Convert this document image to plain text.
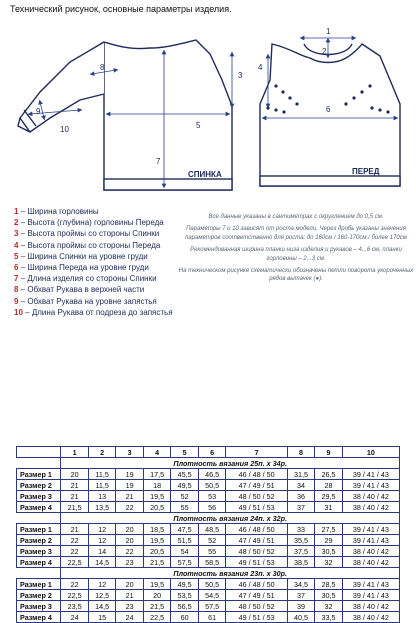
Технический рисунок, основные параметры изделия.
3
5
7
8
9
10
СПИНКА
1
2
4
6
ПЕРЕД
1 – Ширина горловины
2 – Высота (глубина) горловины Переда
3 – Высота проймы со стороны Спинки
4 – Высота проймы со стороны Переда
5 – Ширина Спинки на уровне груди
6 – Ширина Переда на уровне груди
7 – Длина изделия со стороны Спинки
8 – Обхват Рукава в верхней части
9 – Обхват Рукава на уровне запястья
10 – Длина Рукава от подреза до запястья

Все данные указаны в сантиметрах с округлением до 0,5 см.

Параметры 7 и 10 зависят от роста модели. Через дробь указаны значения параметров соответственно для роста: до 160см / 160-170см / более 170см

Рекомендованная ширина планки низа изделия и рукавов – 4...6 см, планки горловины – 2...3 см.

На техническом рисунке схематически обозначены петли поворота укороченных рядов вытачек (●).

	1	2	3	4	5	6	7	8	9	10
	Плотность вязания 25п. х 34р.									
Размер 1	20	11,5	19	17,5	45,5	46,5	46 / 48 / 50	31,5	26,5	39 / 41 / 43
Размер 2	21	11,5	19	18	49,5	50,5	47 / 49 / 51	34	28	39 / 41 / 43
Размер 3	21	13	21	19,5	52	53	48 / 50 / 52	36	29,5	38 / 40 / 42
Размер 4	21,5	13,5	22	20,5	55	56	49 / 51 / 53	37	31	38 / 40 / 42
	Плотность вязания 24п. х 32р.									
Размер 1	21	12	20	18,5	47,5	48,5	46 / 48 / 50	33	27,5	39 / 41 / 43
Размер 2	22	12	20	19,5	51,5	52	47 / 49 / 51	35,5	29	39 / 41 / 43
Размер 3	22	14	22	20,5	54	55	48 / 50 / 52	37,5	30,5	38 / 40 / 42
Размер 4	22,5	14,5	23	21,5	57,5	58,5	49 / 51 / 53	38,5	32	38 / 40 / 42
	Плотность вязания 23п. х 30р.									
Размер 1	22	12	20	19,5	49,5	50,5	46 / 48 / 50	34,5	28,5	39 / 41 / 43
Размер 2	22,5	12,5	21	20	53,5	54,5	47 / 49 / 51	37	30,5	39 / 41 / 43
Размер 3	23,5	14,5	23	21,5	56,5	57,5	48 / 50 / 52	39	32	38 / 40 / 42
Размер 4	24	15	24	22,5	60	61	49 / 51 / 53	40,5	33,5	38 / 40 / 42
